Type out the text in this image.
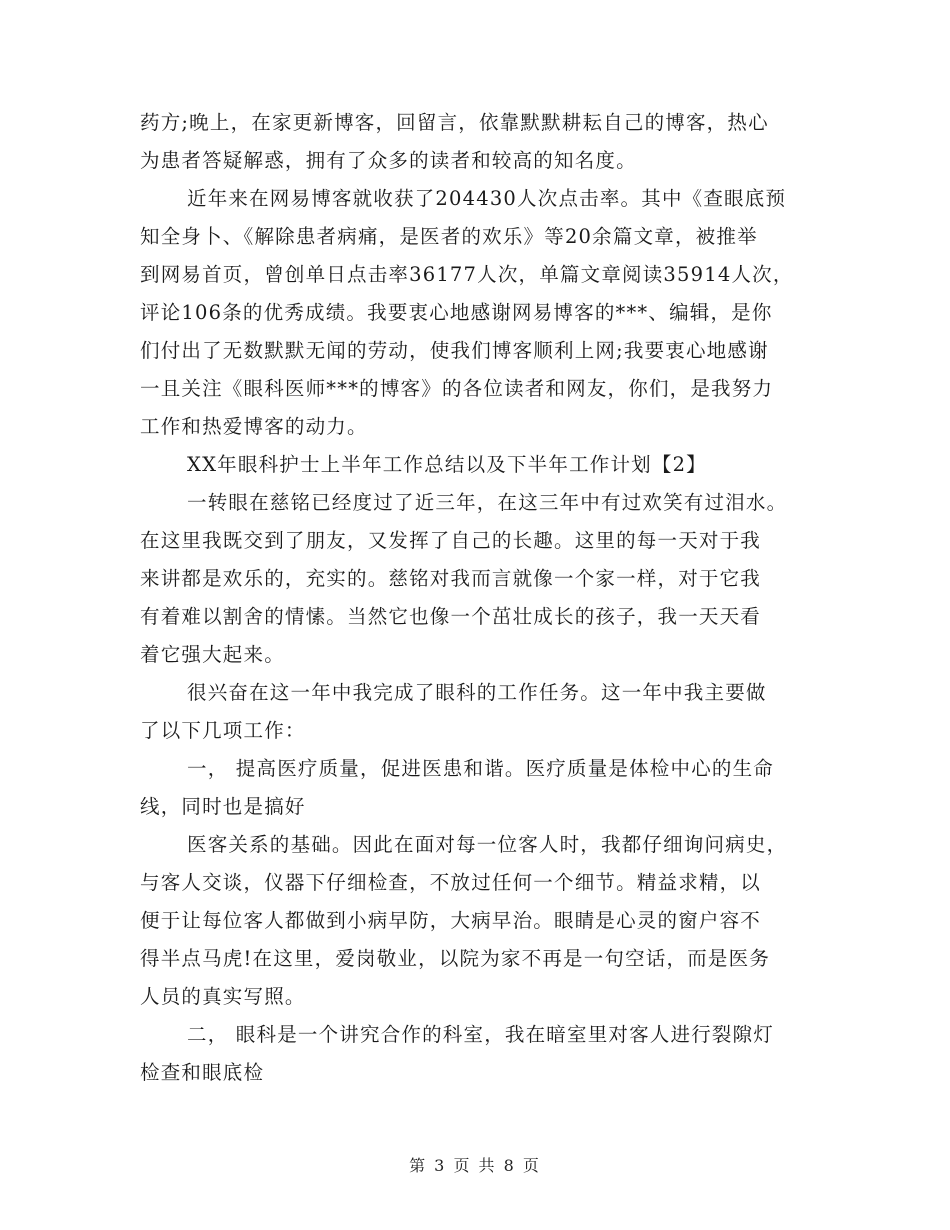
药方;晚上，在家更新博客，回留言，依靠默默耕耘自己的博客，热心
为患者答疑解惑，拥有了众多的读者和较高的知名度。
近年来在网易博客就收获了204430人次点击率。其中《查眼底预
知全身卜、《解除患者病痛，是医者的欢乐》等20余篇文章，被推举
到网易首页，曾创单日点击率36177人次，单篇文章阅读35914人次，
评论106条的优秀成绩。我要衷心地感谢网易博客的***、编辑，是你
们付出了无数默默无闻的劳动，使我们博客顺利上网;我要衷心地感谢
一且关注《眼科医师***的博客》的各位读者和网友，你们，是我努力
工作和热爱博客的动力。
XX年眼科护士上半年工作总结以及下半年工作计划【2】
一转眼在慈铭已经度过了近三年，在这三年中有过欢笑有过泪水。
在这里我既交到了朋友，又发挥了自己的长趣。这里的每一天对于我
来讲都是欢乐的，充实的。慈铭对我而言就像一个家一样，对于它我
有着难以割舍的情愫。当然它也像一个茁壮成长的孩子，我一天天看
着它强大起来。
很兴奋在这一年中我完成了眼科的工作任务。这一年中我主要做
了以下几项工作：
一， 提高医疗质量，促进医患和谐。医疗质量是体检中心的生命
线，同时也是搞好
医客关系的基础。因此在面对每一位客人时，我都仔细询问病史，
与客人交谈，仪器下仔细检查，不放过任何一个细节。精益求精，以
便于让每位客人都做到小病早防，大病早治。眼睛是心灵的窗户容不
得半点马虎!在这里，爱岗敬业，以院为家不再是一句空话，而是医务
人员的真实写照。
二， 眼科是一个讲究合作的科室，我在暗室里对客人进行裂隙灯
检查和眼底检
第 3 页 共 8 页
